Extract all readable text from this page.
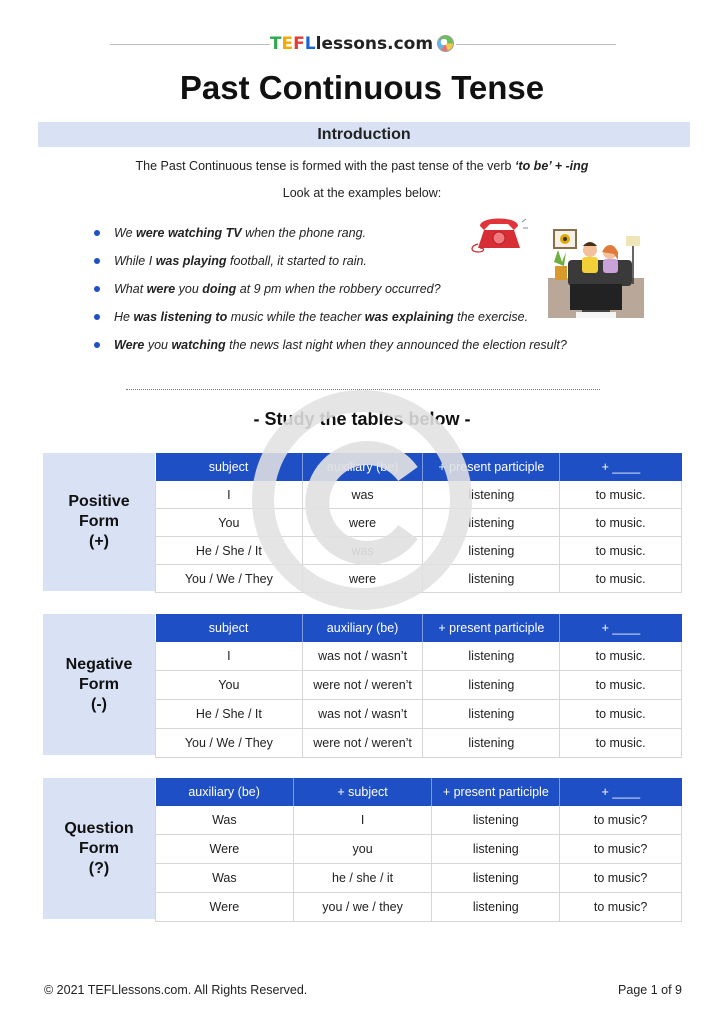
TEFLlessons.com
Past Continuous Tense
Introduction
The Past Continuous tense is formed with the past tense of the verb ‘to be’ + -ing
Look at the examples below:
We were watching TV when the phone rang.
While I was playing football, it started to rain.
What were you doing at 9 pm when the robbery occurred?
He was listening to music while the teacher was explaining the exercise.
Were you watching the news last night when they announced the election result?
- Study the tables below -
Positive
Form
(+)
subject	auxiliary (be)	+ present participle	+ ____
I	was	listening	to music.
You	were	listening	to music.
He / She / It	was	listening	to music.
You / We / They	were	listening	to music.
Negative
Form
(-)
subject	auxiliary (be)	+ present participle	+ ____
I	was not / wasn’t	listening	to music.
You	were not / weren’t	listening	to music.
He / She / It	was not / wasn’t	listening	to music.
You / We / They	were not / weren’t	listening	to music.
Question
Form
(?)
auxiliary (be)	+ subject	+ present participle	+ ____
Was	I	listening	to music?
Were	you	listening	to music?
Was	he / she / it	listening	to music?
Were	you / we / they	listening	to music?
© 2021 TEFLlessons.com. All Rights Reserved.	Page 1 of 9
